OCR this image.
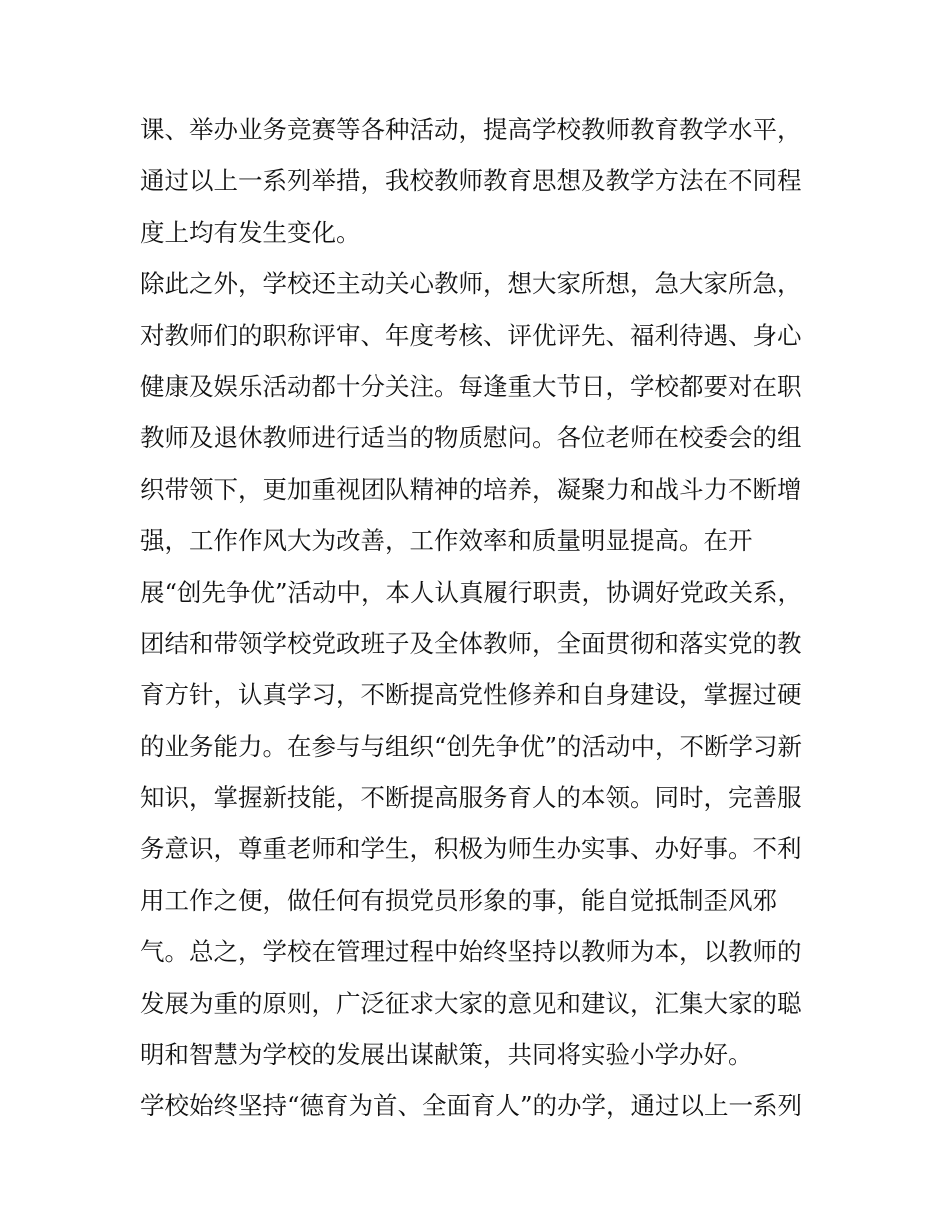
课、举办业务竞赛等各种活动，提高学校教师教育教学水平，
通过以上一系列举措，我校教师教育思想及教学方法在不同程
度上均有发生变化。
除此之外，学校还主动关心教师，想大家所想，急大家所急，
对教师们的职称评审、年度考核、评优评先、福利待遇、身心
健康及娱乐活动都十分关注。每逢重大节日，学校都要对在职
教师及退休教师进行适当的物质慰问。各位老师在校委会的组
织带领下，更加重视团队精神的培养，凝聚力和战斗力不断增
强，工作作风大为改善，工作效率和质量明显提高。在开
展“创先争优”活动中，本人认真履行职责，协调好党政关系，
团结和带领学校党政班子及全体教师，全面贯彻和落实党的教
育方针，认真学习，不断提高党性修养和自身建设，掌握过硬
的业务能力。在参与与组织“创先争优”的活动中，不断学习新
知识，掌握新技能，不断提高服务育人的本领。同时，完善服
务意识，尊重老师和学生，积极为师生办实事、办好事。不利
用工作之便，做任何有损党员形象的事，能自觉抵制歪风邪
气。总之，学校在管理过程中始终坚持以教师为本，以教师的
发展为重的原则，广泛征求大家的意见和建议，汇集大家的聪
明和智慧为学校的发展出谋献策，共同将实验小学办好。
学校始终坚持“德育为首、全面育人”的办学，通过以上一系列
